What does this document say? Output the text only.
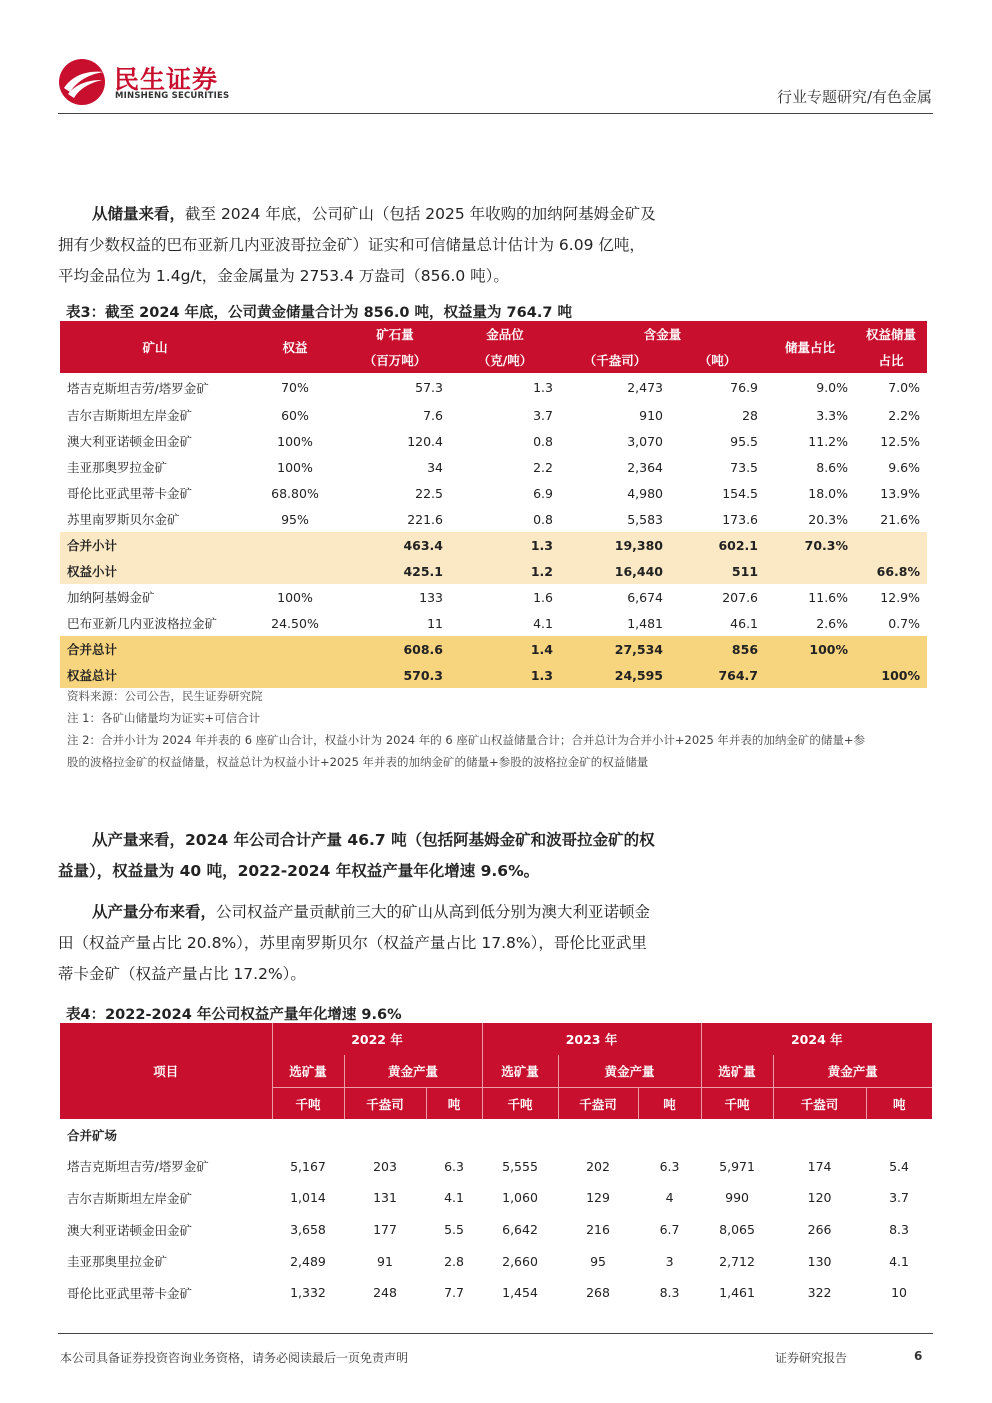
民生证券
MINSHENG SECURITIES	行业专题研究/有色金属

从储量来看，截至 2024 年底，公司矿山（包括 2025 年收购的加纳阿基姆金矿及拥有少数权益的巴布亚新几内亚波哥拉金矿）证实和可信储量总计估计为 6.09 亿吨，平均金品位为 1.4g/t，金金属量为 2753.4 万盎司（856.0 吨）。

表3：截至 2024 年底，公司黄金储量合计为 856.0 吨，权益量为 764.7 吨
矿山	权益	矿石量	金品位	含金量		储量占比	权益储量
		（百万吨）	（克/吨）	（千盎司）	（吨）		占比
塔吉克斯坦吉劳/塔罗金矿	70%	57.3	1.3	2,473	76.9	9.0%	7.0%
吉尔吉斯斯坦左岸金矿	60%	7.6	3.7	910	28	3.3%	2.2%
澳大利亚诺顿金田金矿	100%	120.4	0.8	3,070	95.5	11.2%	12.5%
圭亚那奥罗拉金矿	100%	34	2.2	2,364	73.5	8.6%	9.6%
哥伦比亚武里蒂卡金矿	68.80%	22.5	6.9	4,980	154.5	18.0%	13.9%
苏里南罗斯贝尔金矿	95%	221.6	0.8	5,583	173.6	20.3%	21.6%
合并小计		463.4	1.3	19,380	602.1	70.3%	
权益小计		425.1	1.2	16,440	511		66.8%
加纳阿基姆金矿	100%	133	1.6	6,674	207.6	11.6%	12.9%
巴布亚新几内亚波格拉金矿	24.50%	11	4.1	1,481	46.1	2.6%	0.7%
合并总计		608.6	1.4	27,534	856	100%	
权益总计		570.3	1.3	24,595	764.7		100%
资料来源：公司公告，民生证券研究院
注 1：各矿山储量均为证实+可信合计
注 2：合并小计为 2024 年并表的 6 座矿山合计，权益小计为 2024 年的 6 座矿山权益储量合计；合并总计为合并小计+2025 年并表的加纳金矿的储量+参
股的波格拉金矿的权益储量，权益总计为权益小计+2025 年并表的加纳金矿的储量+参股的波格拉金矿的权益储量

从产量来看，2024 年公司合计产量 46.7 吨（包括阿基姆金矿和波哥拉金矿的权益量），权益量为 40 吨，2022-2024 年权益产量年化增速 9.6%。

从产量分布来看，公司权益产量贡献前三大的矿山从高到低分别为澳大利亚诺顿金田（权益产量占比 20.8%），苏里南罗斯贝尔（权益产量占比 17.8%），哥伦比亚武里蒂卡金矿（权益产量占比 17.2%）。

表4：2022-2024 年公司权益产量年化增速 9.6%
项目	2022 年			2023 年			2024 年		
	选矿量	黄金产量		选矿量	黄金产量		选矿量	黄金产量	
	千吨	千盎司	吨	千吨	千盎司	吨	千吨	千盎司	吨
合并矿场									
塔吉克斯坦吉劳/塔罗金矿	5,167	203	6.3	5,555	202	6.3	5,971	174	5.4
吉尔吉斯斯坦左岸金矿	1,014	131	4.1	1,060	129	4	990	120	3.7
澳大利亚诺顿金田金矿	3,658	177	5.5	6,642	216	6.7	8,065	266	8.3
圭亚那奥里拉金矿	2,489	91	2.8	2,660	95	3	2,712	130	4.1
哥伦比亚武里蒂卡金矿	1,332	248	7.7	1,454	268	8.3	1,461	322	10
本公司具备证券投资咨询业务资格，请务必阅读最后一页免责声明	证券研究报告	6
